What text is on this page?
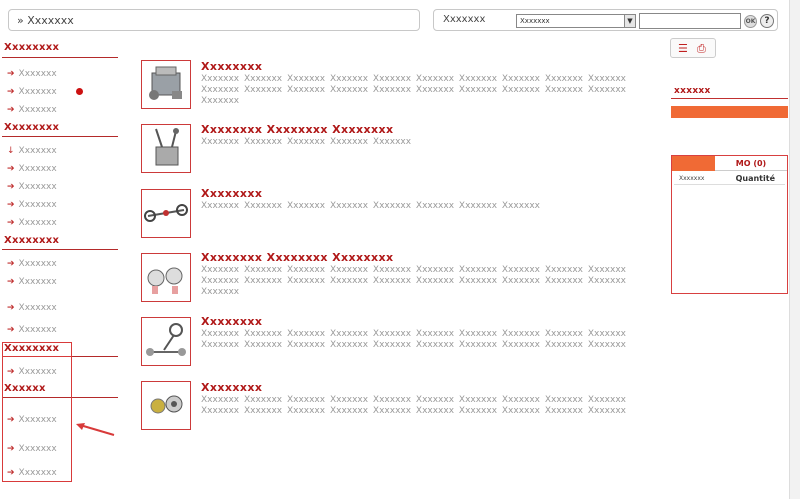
» Xxxxxxx	Xxxxxxx	Xxxxxxx	▼	OK	?
Xxxxxxxx
➔ Xxxxxxx
➔ Xxxxxxx
➔ Xxxxxxx
Xxxxxxxx
↓ Xxxxxxx
➔ Xxxxxxx
➔ Xxxxxxx
➔ Xxxxxxx
➔ Xxxxxxx
Xxxxxxxx
➔ Xxxxxxx
➔ Xxxxxxx
➔ Xxxxxxx
➔ Xxxxxxx
Xxxxxxxx
➔ Xxxxxxx
Xxxxxx
➔ Xxxxxxx
➔ Xxxxxxx
➔ Xxxxxxx
Xxxxxxxx
Xxxxxxx Xxxxxxx Xxxxxxx Xxxxxxx Xxxxxxx Xxxxxxx Xxxxxxx Xxxxxxx Xxxxxxx Xxxxxxx Xxxxxxx Xxxxxxx Xxxxxxx Xxxxxxx Xxxxxxx Xxxxxxx Xxxxxxx Xxxxxxx Xxxxxxx Xxxxxxx Xxxxxxx
Xxxxxxxx Xxxxxxxx Xxxxxxxx
Xxxxxxx Xxxxxxx Xxxxxxx Xxxxxxx Xxxxxxx
Xxxxxxxx
Xxxxxxx Xxxxxxx Xxxxxxx Xxxxxxx Xxxxxxx Xxxxxxx Xxxxxxx Xxxxxxx
Xxxxxxxx Xxxxxxxx Xxxxxxxx
Xxxxxxx Xxxxxxx Xxxxxxx Xxxxxxx Xxxxxxx Xxxxxxx Xxxxxxx Xxxxxxx Xxxxxxx Xxxxxxx Xxxxxxx Xxxxxxx Xxxxxxx Xxxxxxx Xxxxxxx Xxxxxxx Xxxxxxx Xxxxxxx Xxxxxxx Xxxxxxx Xxxxxxx
Xxxxxxxx
Xxxxxxx Xxxxxxx Xxxxxxx Xxxxxxx Xxxxxxx Xxxxxxx Xxxxxxx Xxxxxxx Xxxxxxx Xxxxxxx Xxxxxxx Xxxxxxx Xxxxxxx Xxxxxxx Xxxxxxx Xxxxxxx Xxxxxxx Xxxxxxx Xxxxxxx Xxxxxxx
Xxxxxxxx
Xxxxxxx Xxxxxxx Xxxxxxx Xxxxxxx Xxxxxxx Xxxxxxx Xxxxxxx Xxxxxxx Xxxxxxx Xxxxxxx Xxxxxxx Xxxxxxx Xxxxxxx Xxxxxxx Xxxxxxx Xxxxxxx Xxxxxxx Xxxxxxx Xxxxxxx Xxxxxxx
☰ ⎙
xxxxxx
MO (0)
Xxxxxxx	Quantité
